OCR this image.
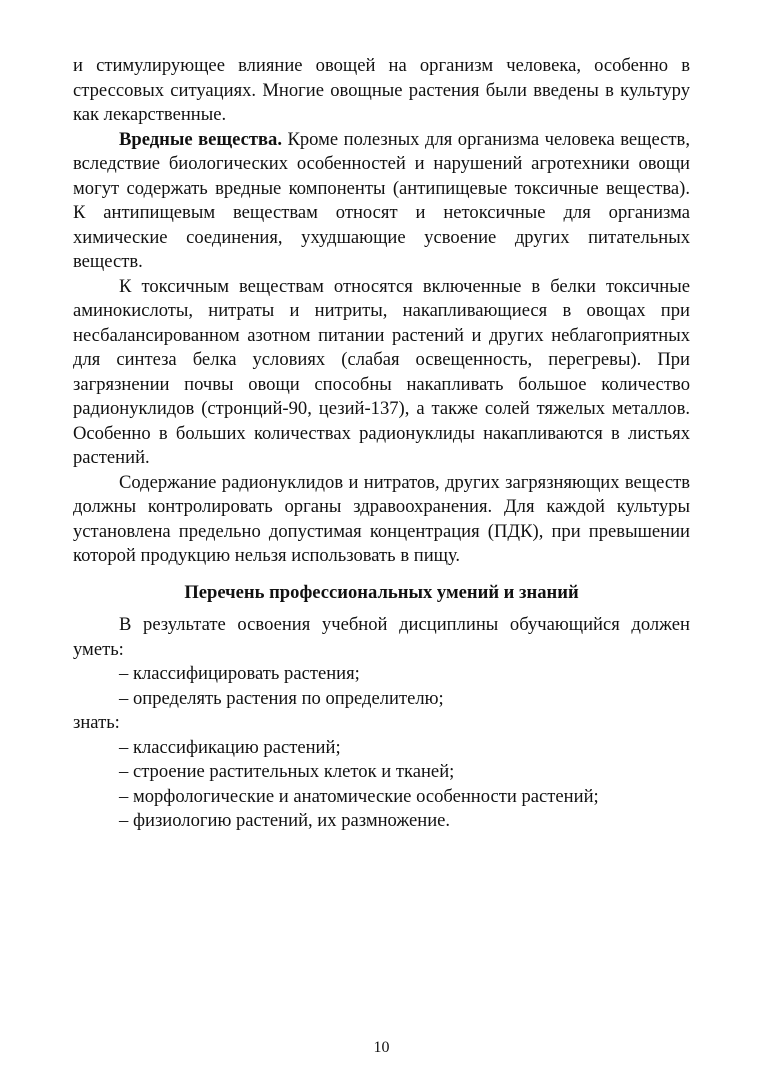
и стимулирующее влияние овощей на организм человека, особенно в стрессовых ситуациях. Многие овощные растения были введены в культуру как лекарственные.

Вредные вещества. Кроме полезных для организма человека веществ, вследствие биологических особенностей и нарушений агротехники овощи могут содержать вредные компоненты (антипищевые токсичные вещества). К антипищевым веществам относят и нетоксичные для организма химические соединения, ухудшающие усвоение других питательных веществ.

К токсичным веществам относятся включенные в белки токсичные аминокислоты, нитраты и нитриты, накапливающиеся в овощах при несбалансированном азотном питании растений и других неблагоприятных для синтеза белка условиях (слабая освещенность, перегревы). При загрязнении почвы овощи способны накапливать большое количество радионуклидов (стронций-90, цезий-137), а также солей тяжелых металлов. Особенно в больших количествах радионуклиды накапливаются в листьях растений.

Содержание радионуклидов и нитратов, других загрязняющих веществ должны контролировать органы здравоохранения. Для каждой культуры установлена предельно допустимая концентрация (ПДК), при превышении которой продукцию нельзя использовать в пищу.

Перечень профессиональных умений и знаний

В результате освоения учебной дисциплины обучающийся должен уметь:

– классифицировать растения;

– определять растения по определителю;

знать:

– классификацию растений;

– строение растительных клеток и тканей;

– морфологические и анатомические особенности растений;

– физиологию растений, их размножение.

10
